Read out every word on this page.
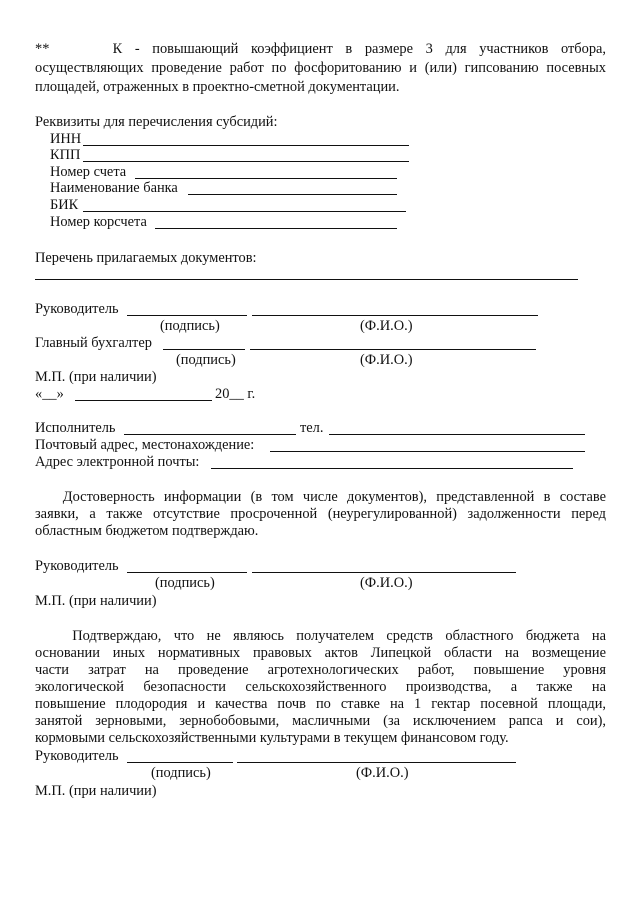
**     К - повышающий коэффициент в размере 3 для участников отбора,
осуществляющих проведение работ по фосфоритованию и (или) гипсованию посевных
площадей, отраженных в проектно-сметной документации.
Реквизиты для перечисления субсидий:
ИНН
КПП
Номер счета
Наименование банка
БИК
Номер корсчета
Перечень прилагаемых документов:
Руководитель
(подпись)	(Ф.И.О.)
Главный бухгалтер
(подпись)	(Ф.И.О.)
М.П. (при наличии)
«__»	20__ г.
Исполнитель	тел.
Почтовый адрес, местонахождение:
Адрес электронной почты:
Достоверность информации (в том числе документов), представленной в составе
заявки, а также отсутствие просроченной (неурегулированной) задолженности перед
областным бюджетом подтверждаю.
Руководитель
(подпись)	(Ф.И.О.)
М.П. (при наличии)
Подтверждаю, что не являюсь получателем средств областного бюджета на
основании иных нормативных правовых актов Липецкой области на возмещение
части затрат на проведение агротехнологических работ, повышение уровня
экологической безопасности сельскохозяйственного производства, а также на
повышение плодородия и качества почв по ставке на 1 гектар посевной площади,
занятой зерновыми, зернобобовыми, масличными (за исключением рапса и сои),
кормовыми сельскохозяйственными культурами в текущем финансовом году.
Руководитель
(подпись)	(Ф.И.О.)
М.П. (при наличии)
